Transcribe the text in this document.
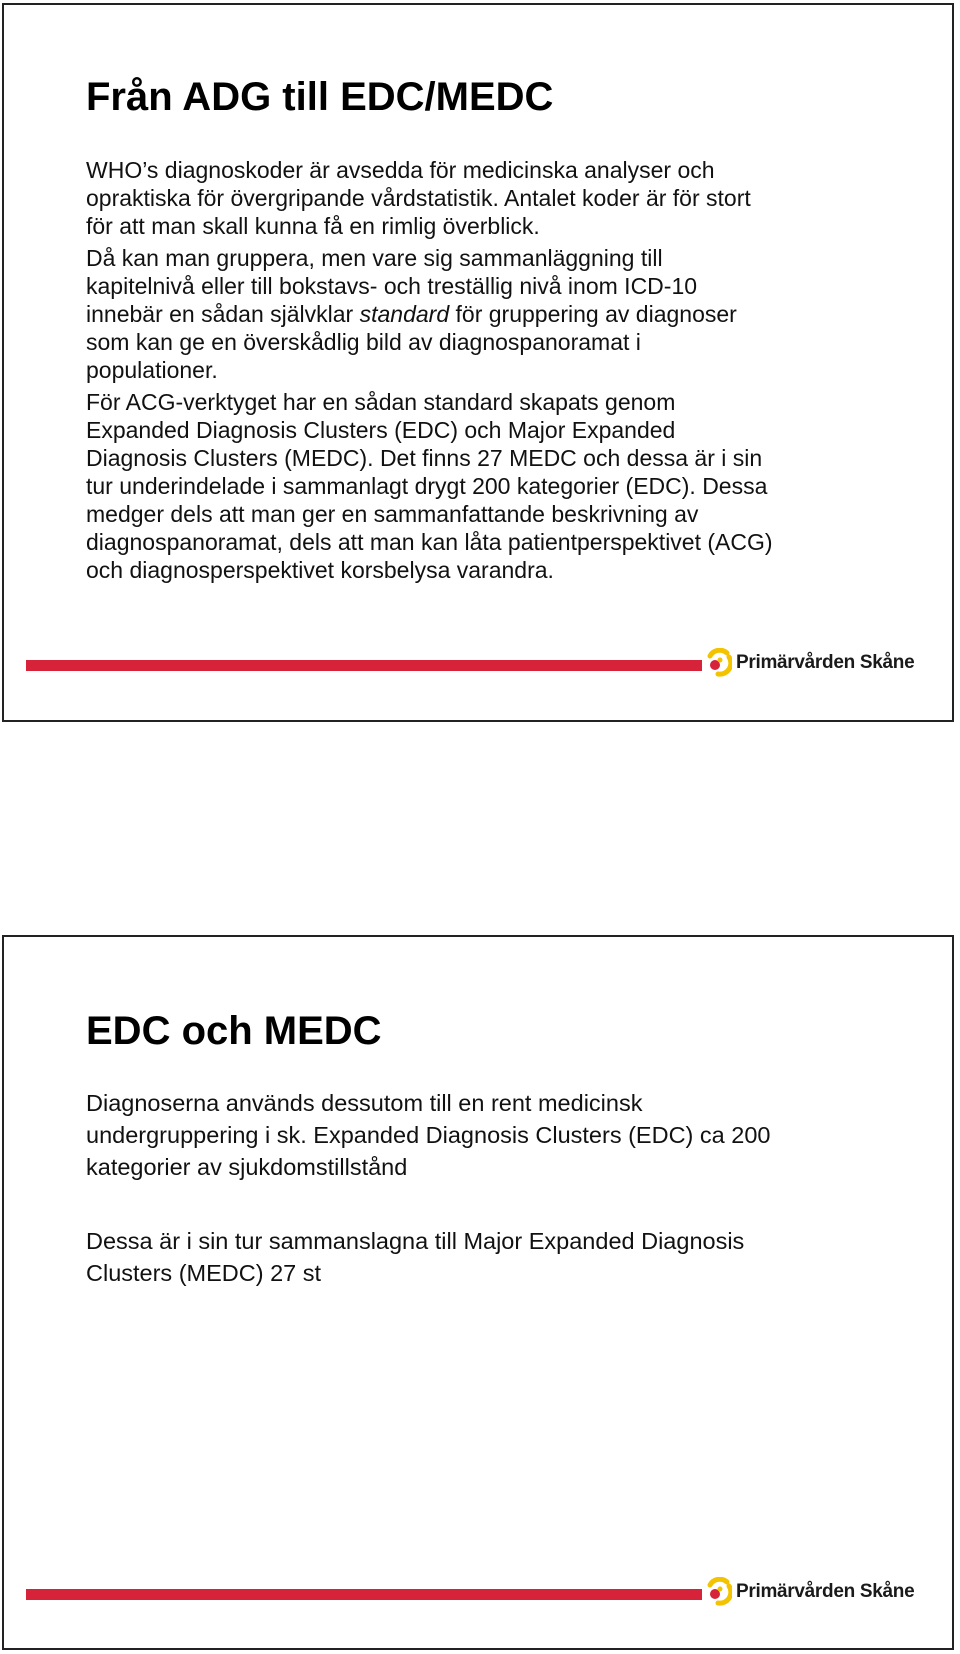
Från ADG till EDC/MEDC

WHO’s diagnoskoder är avsedda för medicinska analyser och

opraktiska för övergripande vårdstatistik. Antalet koder är för stort

för att man skall kunna få en rimlig överblick.

Då kan man gruppera, men vare sig sammanläggning till

kapitelnivå eller till bokstavs- och treställig nivå inom ICD-10

innebär en sådan självklar standard för gruppering av diagnoser

som kan ge en överskådlig bild av diagnospanoramat i

populationer.

För ACG-verktyget har en sådan standard skapats genom

Expanded Diagnosis Clusters (EDC) och Major Expanded

Diagnosis Clusters (MEDC). Det finns 27 MEDC och dessa är i sin

tur underindelade i sammanlagt drygt 200 kategorier (EDC). Dessa

medger dels att man ger en sammanfattande beskrivning av

diagnospanoramat, dels att man kan låta patientperspektivet (ACG)

och diagnosperspektivet korsbelysa varandra.

Primärvården Skåne
EDC och MEDC

Diagnoserna används dessutom till en rent medicinsk

undergruppering i sk. Expanded Diagnosis Clusters (EDC) ca 200

kategorier av sjukdomstillstånd

Dessa är i sin tur sammanslagna till Major Expanded Diagnosis

Clusters (MEDC) 27 st

Primärvården Skåne
